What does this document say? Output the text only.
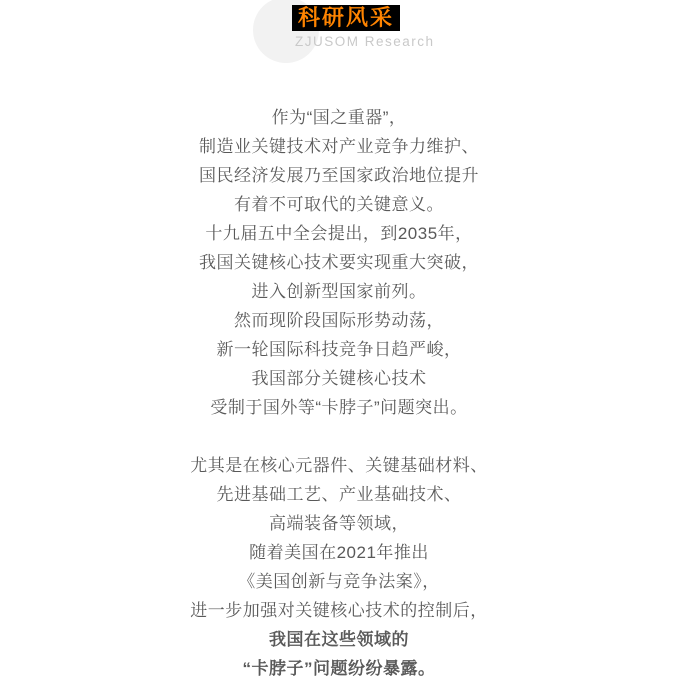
科研风采
ZJUSOM Research

作为“国之重器”，

制造业关键技术对产业竞争力维护、

国民经济发展乃至国家政治地位提升

有着不可取代的关键意义。

十九届五中全会提出，到2035年，

我国关键核心技术要实现重大突破，

进入创新型国家前列。

然而现阶段国际形势动荡，

新一轮国际科技竞争日趋严峻，

我国部分关键核心技术

受制于国外等“卡脖子”问题突出。

尤其是在核心元器件、关键基础材料、

先进基础工艺、产业基础技术、

高端装备等领域，

随着美国在2021年推出

《美国创新与竞争法案》，

进一步加强对关键核心技术的控制后，

我国在这些领域的

“卡脖子”问题纷纷暴露。
